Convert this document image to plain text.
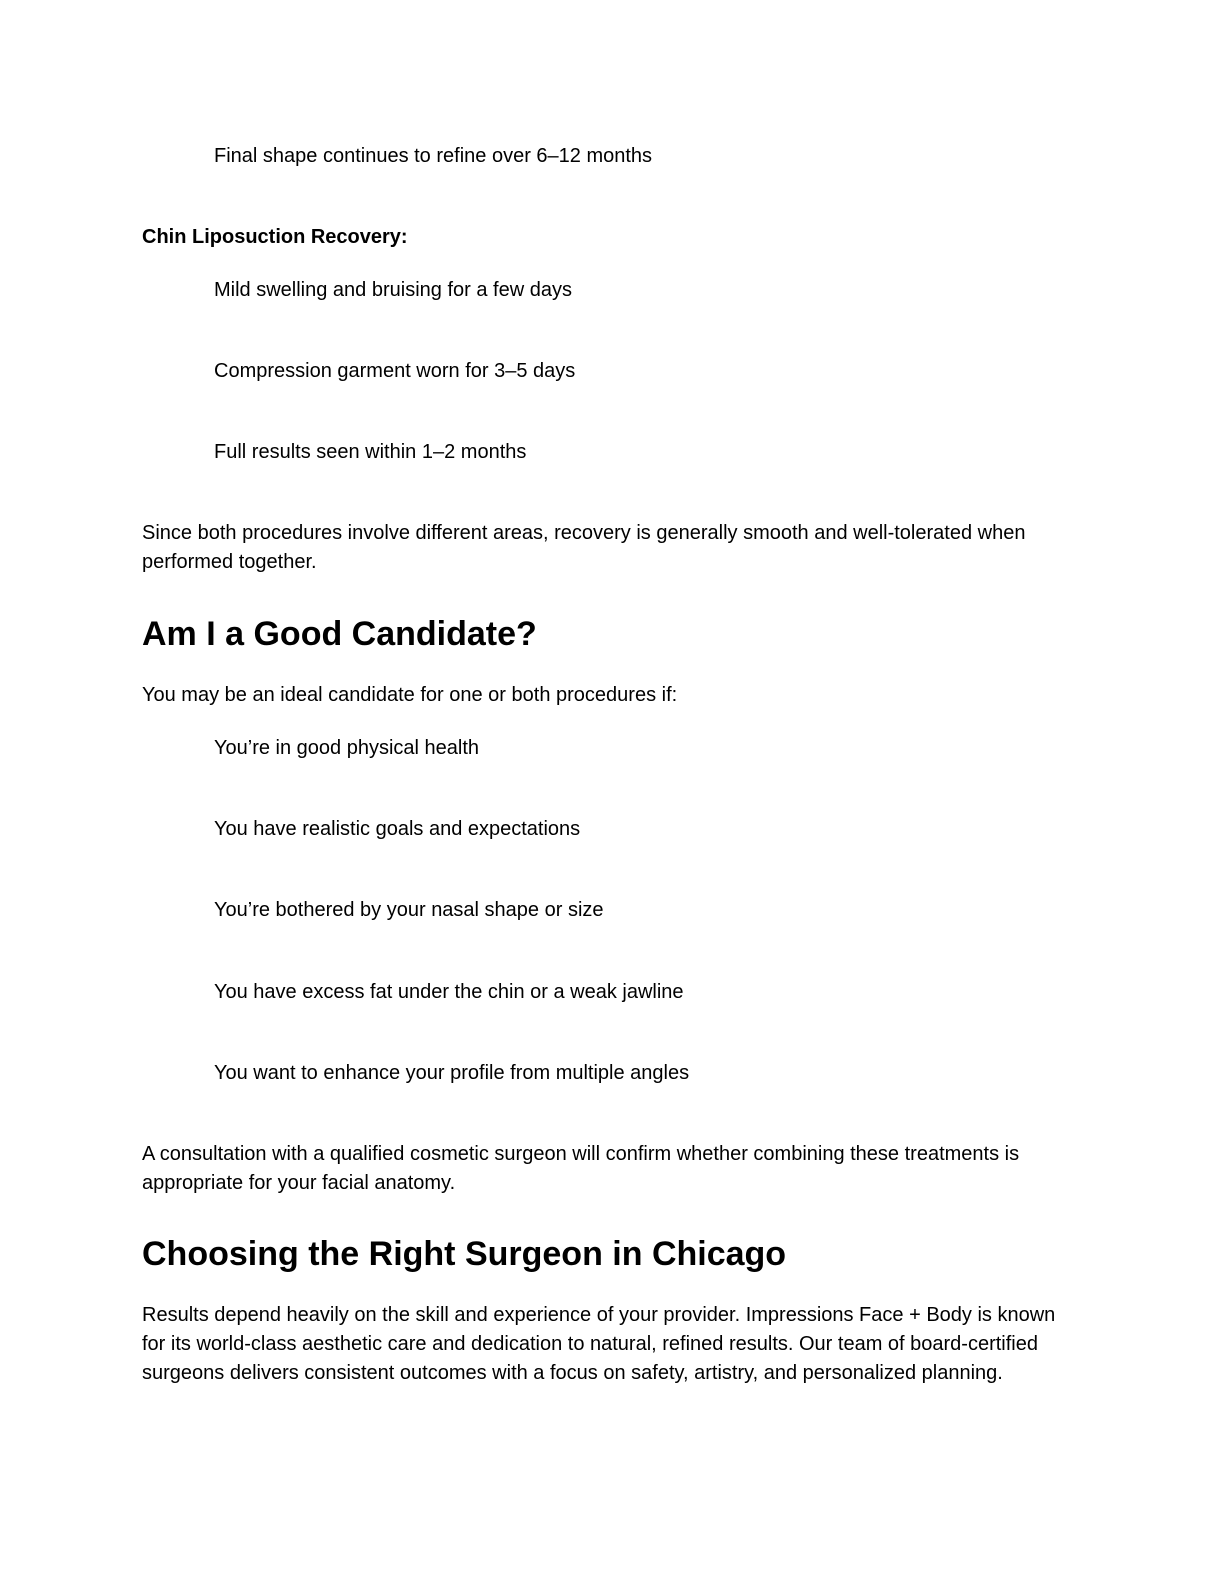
Final shape continues to refine over 6–12 months

Chin Liposuction Recovery:

Mild swelling and bruising for a few days

Compression garment worn for 3–5 days

Full results seen within 1–2 months

Since both procedures involve different areas, recovery is generally smooth and well-tolerated when performed together.

Am I a Good Candidate?

You may be an ideal candidate for one or both procedures if:

You’re in good physical health

You have realistic goals and expectations

You’re bothered by your nasal shape or size

You have excess fat under the chin or a weak jawline

You want to enhance your profile from multiple angles

A consultation with a qualified cosmetic surgeon will confirm whether combining these treatments is appropriate for your facial anatomy.

Choosing the Right Surgeon in Chicago

Results depend heavily on the skill and experience of your provider. Impressions Face + Body is known for its world-class aesthetic care and dedication to natural, refined results. Our team of board-certified surgeons delivers consistent outcomes with a focus on safety, artistry, and personalized planning.
